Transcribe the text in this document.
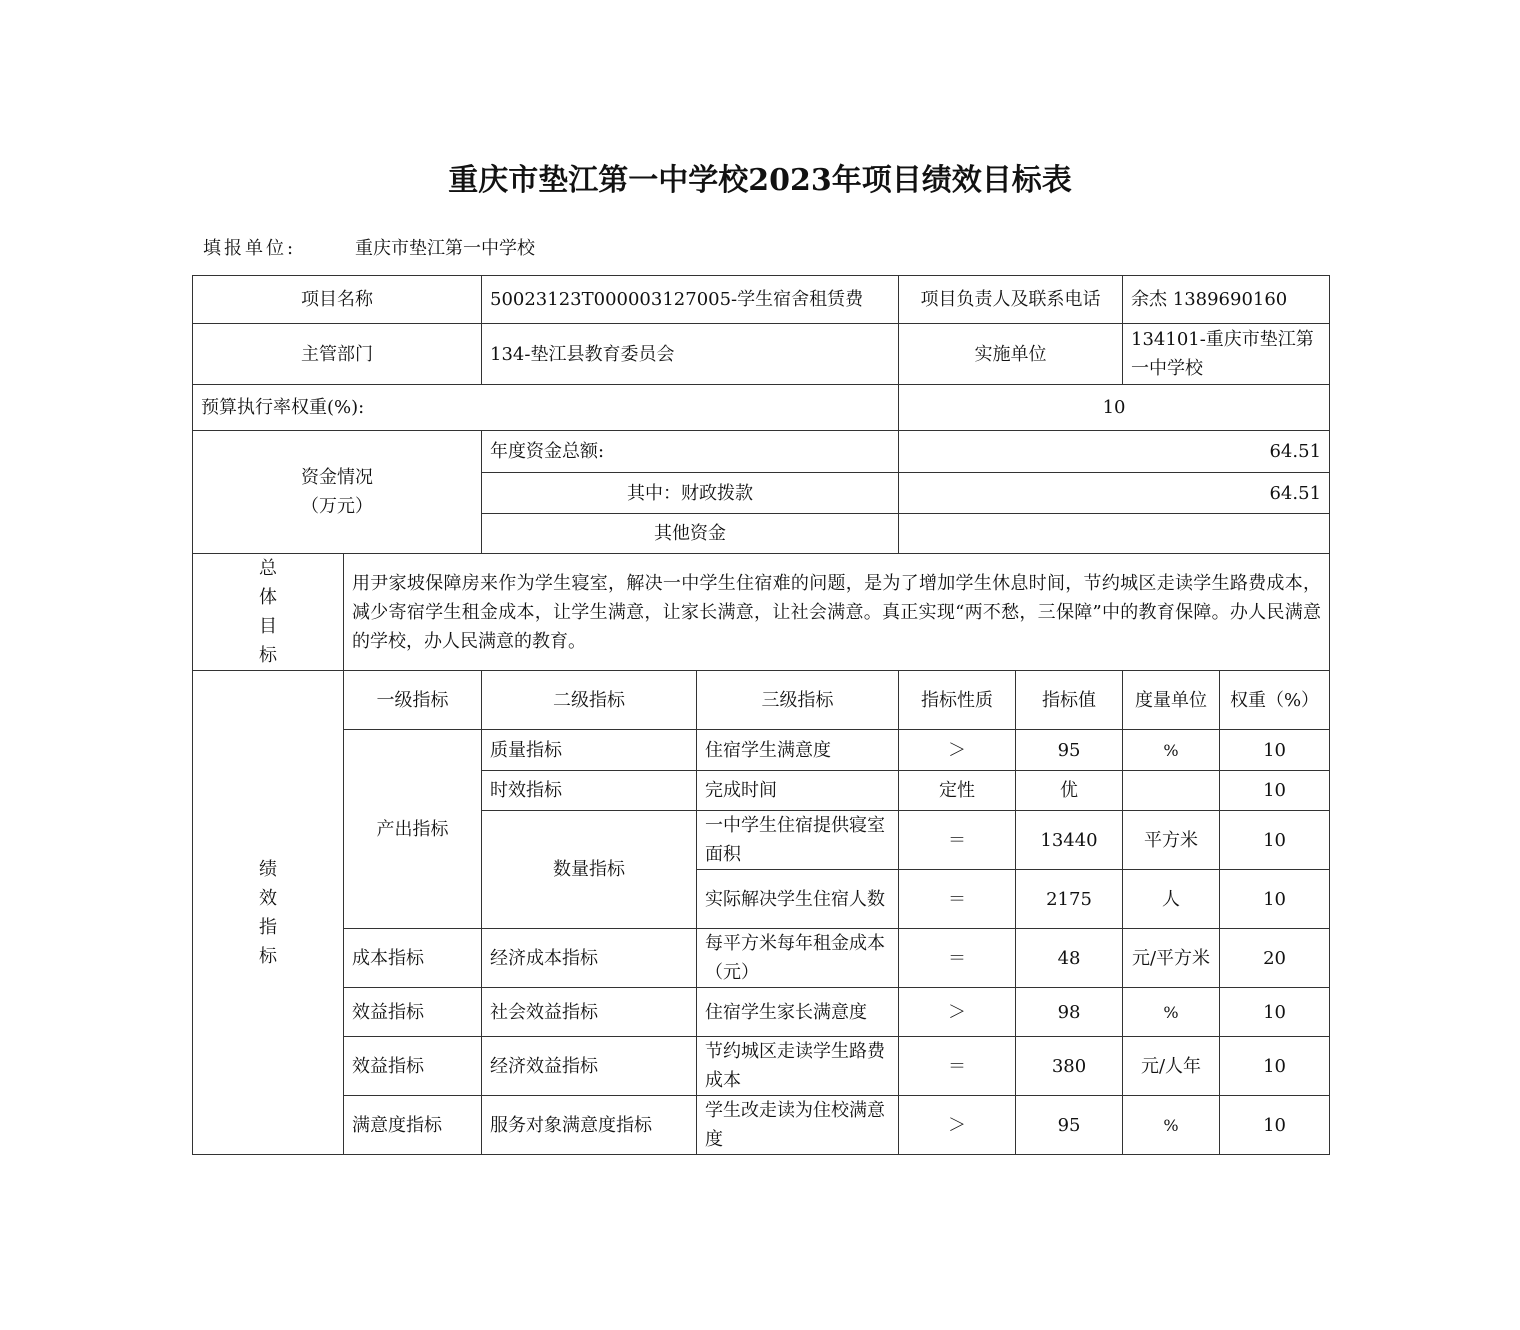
重庆市垫江第一中学校2023年项目绩效目标表
填报单位:	重庆市垫江第一中学校
项目名称		50023123T000003127005-学生宿舍租赁费		项目负责人及联系电话		余杰 1389690160	
主管部门		134-垫江县教育委员会		实施单位		134101-重庆市垫江第一中学校	
预算执行率权重(%):				10			

资金情况
（万元）		年度资金总额:		64.51			
		其中：财政拨款		64.51			
		其他资金					

总
体
目
标	用尹家坡保障房来作为学生寝室，解决一中学生住宿难的问题，是为了增加学生休息时间，节约城区走读学生路费成本，减少寄宿学生租金成本，让学生满意，让家长满意，让社会满意。真正实现“两不愁，三保障”中的教育保障。办人民满意的学校，办人民满意的教育。						

绩
效
指
标	一级指标	二级指标	三级指标	指标性质	指标值	度量单位	权重（%）
	产出指标	质量指标	住宿学生满意度	＞	95	%	10
		时效指标	完成时间	定性	优		10
		数量指标	一中学生住宿提供寝室面积	＝	13440	平方米	10
			实际解决学生住宿人数	＝	2175	人	10
	成本指标	经济成本指标	每平方米每年租金成本（元）	＝	48	元/平方米	20
	效益指标	社会效益指标	住宿学生家长满意度	＞	98	%	10
	效益指标	经济效益指标	节约城区走读学生路费成本	＝	380	元/人年	10
	满意度指标	服务对象满意度指标	学生改走读为住校满意度	＞	95	%	10
